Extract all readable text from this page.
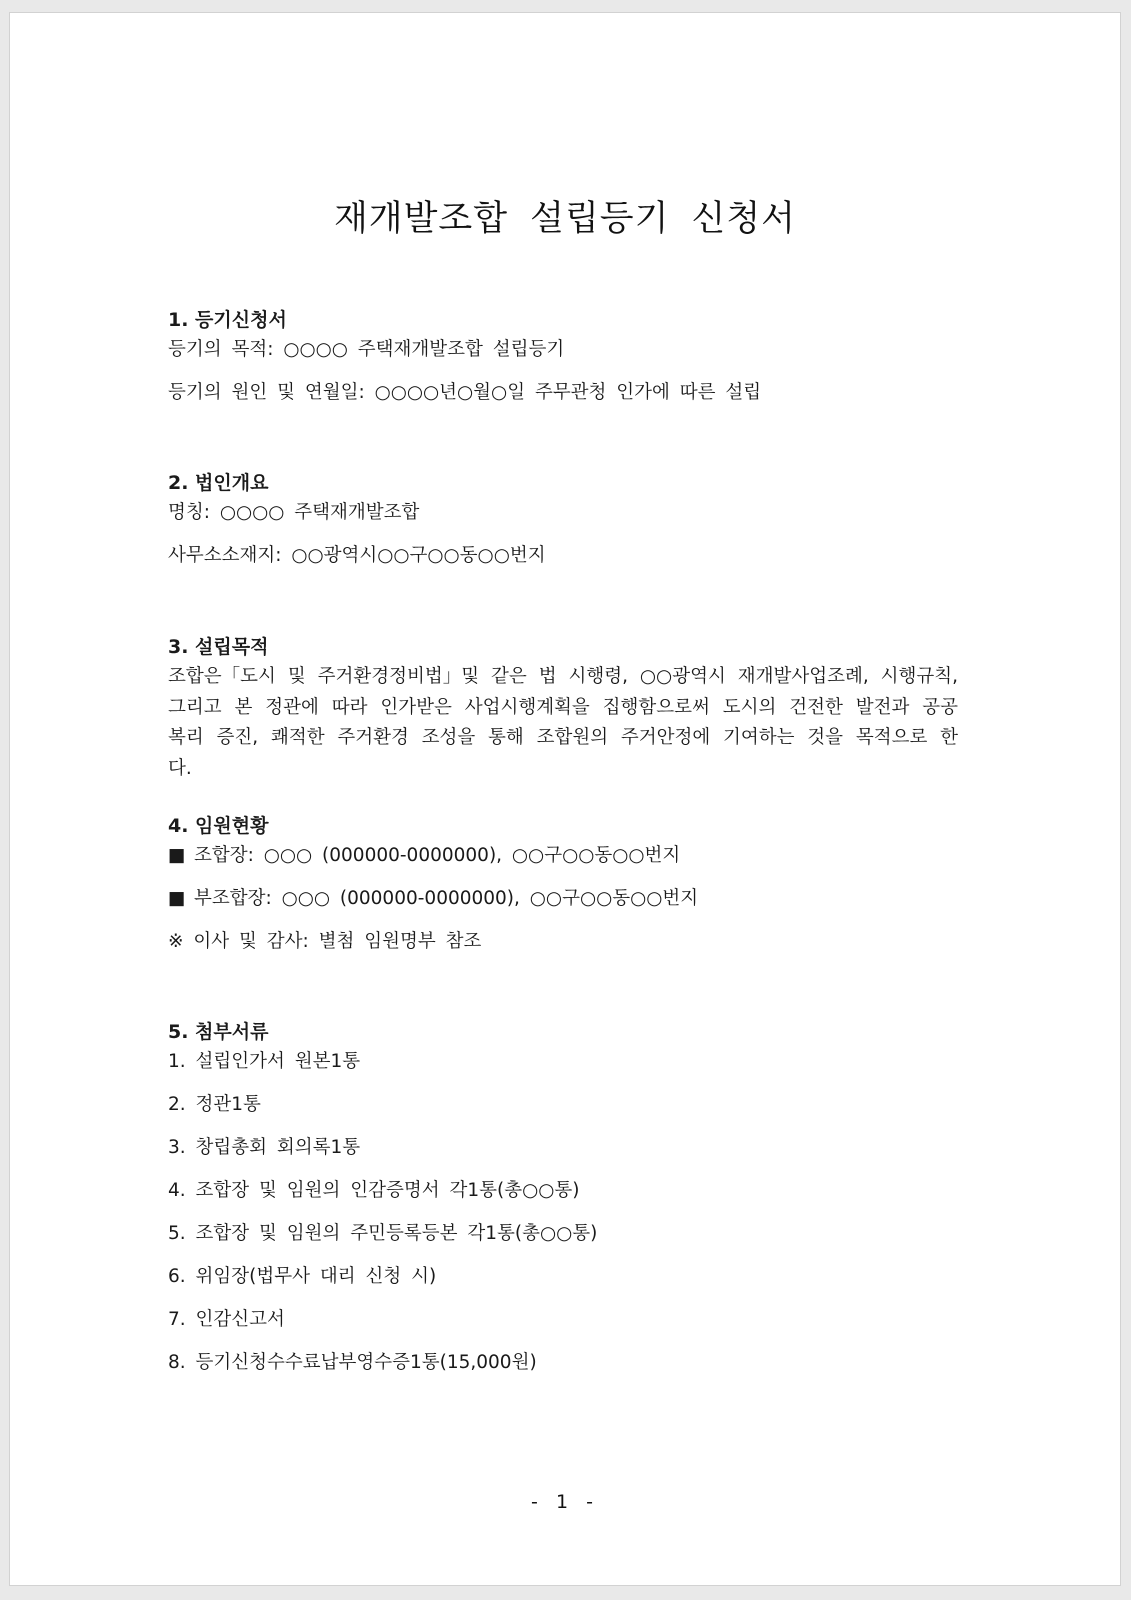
재개발조합 설립등기 신청서
1. 등기신청서
등기의 목적: ○○○○ 주택재개발조합 설립등기
등기의 원인 및 연월일: ○○○○년○월○일 주무관청 인가에 따른 설립
2. 법인개요
명칭: ○○○○ 주택재개발조합
사무소소재지: ○○광역시○○구○○동○○번지
3. 설립목적
조합은「도시 및 주거환경정비법」및 같은 법 시행령, ○○광역시 재개발사업조례, 시행규칙, 그리고 본 정관에 따라 인가받은 사업시행계획을 집행함으로써 도시의 건전한 발전과 공공복리 증진, 쾌적한 주거환경 조성을 통해 조합원의 주거안정에 기여하는 것을 목적으로 한다.
4. 임원현황
■ 조합장: ○○○ (000000-0000000), ○○구○○동○○번지
■ 부조합장: ○○○ (000000-0000000), ○○구○○동○○번지
※ 이사 및 감사: 별첨 임원명부 참조
5. 첨부서류
1. 설립인가서 원본1통
2. 정관1통
3. 창립총회 회의록1통
4. 조합장 및 임원의 인감증명서 각1통(총○○통)
5. 조합장 및 임원의 주민등록등본 각1통(총○○통)
6. 위임장(법무사 대리 신청 시)
7. 인감신고서
8. 등기신청수수료납부영수증1통(15,000원)
- 1 -
